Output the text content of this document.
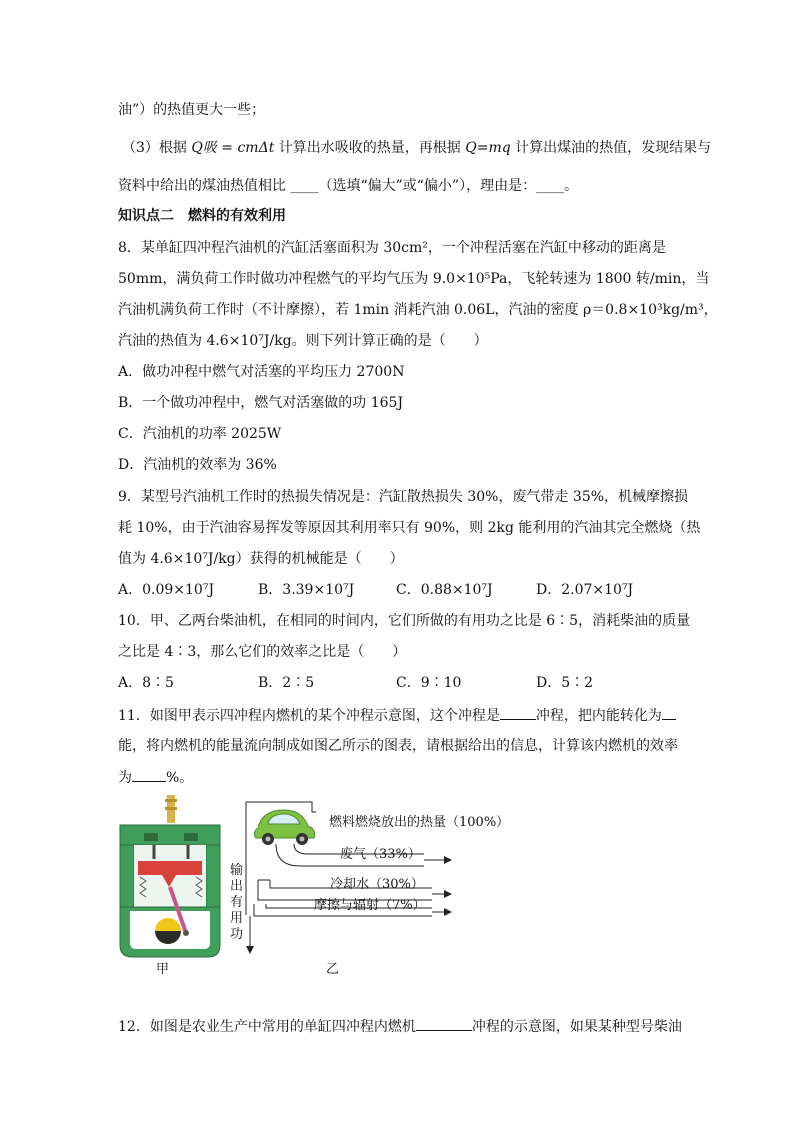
油”）的热值更大一些；
（3）根据 Q吸 = cmΔt 计算出水吸收的热量，再根据 Q=mq 计算出煤油的热值，发现结果与
资料中给出的煤油热值相比 ____（选填“偏大”或“偏小”），理由是：____。
知识点二　燃料的有效利用
8．某单缸四冲程汽油机的汽缸活塞面积为 30cm²，一个冲程活塞在汽缸中移动的距离是
50mm，满负荷工作时做功冲程燃气的平均气压为 9.0×10⁵Pa，飞轮转速为 1800 转/min，当
汽油机满负荷工作时（不计摩擦），若 1min 消耗汽油 0.06L，汽油的密度 ρ＝0.8×10³kg/m³，
汽油的热值为 4.6×10⁷J/kg。则下列计算正确的是（　　）
A．做功冲程中燃气对活塞的平均压力 2700N
B．一个做功冲程中，燃气对活塞做的功 165J
C．汽油机的功率 2025W
D．汽油机的效率为 36%
9．某型号汽油机工作时的热损失情况是：汽缸散热损失 30%，废气带走 35%，机械摩擦损
耗 10%，由于汽油容易挥发等原因其利用率只有 90%，则 2kg 能利用的汽油其完全燃烧（热
值为 4.6×10⁷J/kg）获得的机械能是（　　）
A．0.09×10⁷J	B．3.39×10⁷J	C．0.88×10⁷J	D．2.07×10⁷J
10．甲、乙两台柴油机，在相同的时间内，它们所做的有用功之比是 6∶5，消耗柴油的质量
之比是 4∶3，那么它们的效率之比是（　　）
A．8∶5	B．2∶5	C．9∶10	D．5∶2
11．如图甲表示四冲程内燃机的某个冲程示意图，这个冲程是	冲程，把内能转化为
能，将内燃机的能量流向制成如图乙所示的图表，请根据给出的信息，计算该内燃机的效率
为 %。
甲
燃料燃烧放出的热量（100%）
废气（33%）
冷却水（30%）
摩擦与辐射（7%）
输
出
有
用
功
乙
12．如图是农业生产中常用的单缸四冲程内燃机	冲程的示意图，如果某种型号柴油
